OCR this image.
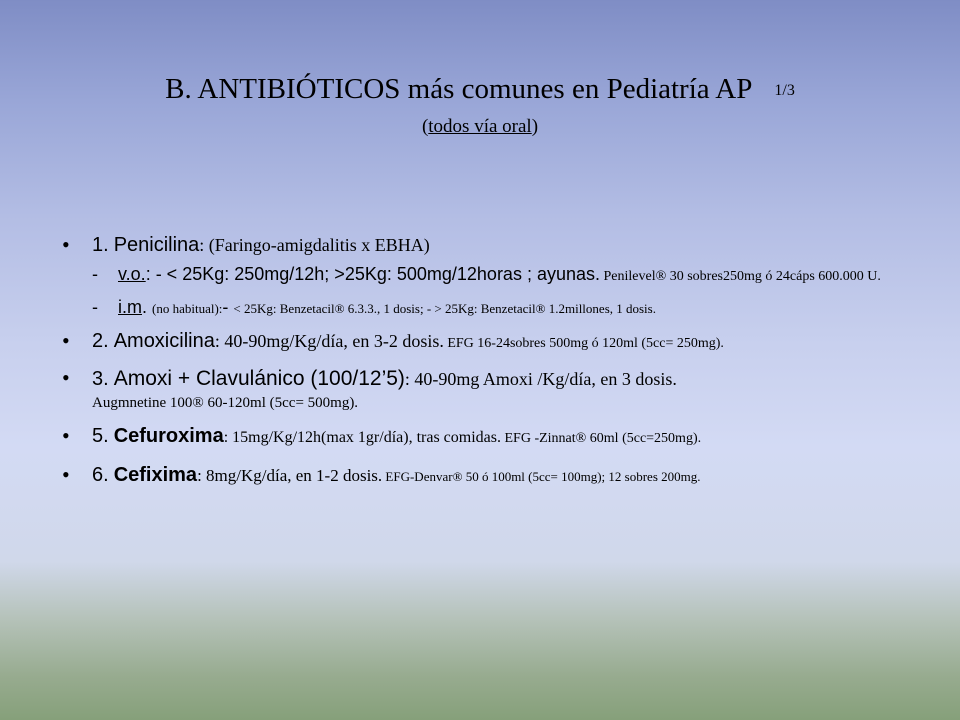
B. ANTIBIÓTICOS más comunes en Pediatría AP 1/3
(todos vía oral)
• 1. Penicilina: (Faringo-amigdalitis x EBHA)
- v.o.: - < 25Kg: 250mg/12h; >25Kg: 500mg/12horas ; ayunas. Penilevel® 30 sobres250mg ó 24cáps 600.000 U.
- i.m. (no habitual):- < 25Kg: Benzetacil® 6.3.3., 1 dosis; - > 25Kg: Benzetacil® 1.2millones, 1 dosis.
• 2. Amoxicilina: 40-90mg/Kg/día, en 3-2 dosis. EFG 16-24sobres 500mg ó 120ml (5cc= 250mg).
• 3. Amoxi + Clavulánico (100/12’5): 40-90mg Amoxi /Kg/día, en 3 dosis.
Augmnetine 100® 60-120ml (5cc= 500mg).
• 5. Cefuroxima: 15mg/Kg/12h(max 1gr/día), tras comidas. EFG -Zinnat® 60ml (5cc=250mg).
• 6. Cefixima: 8mg/Kg/día, en 1-2 dosis. EFG-Denvar® 50 ó 100ml (5cc= 100mg); 12 sobres 200mg.
